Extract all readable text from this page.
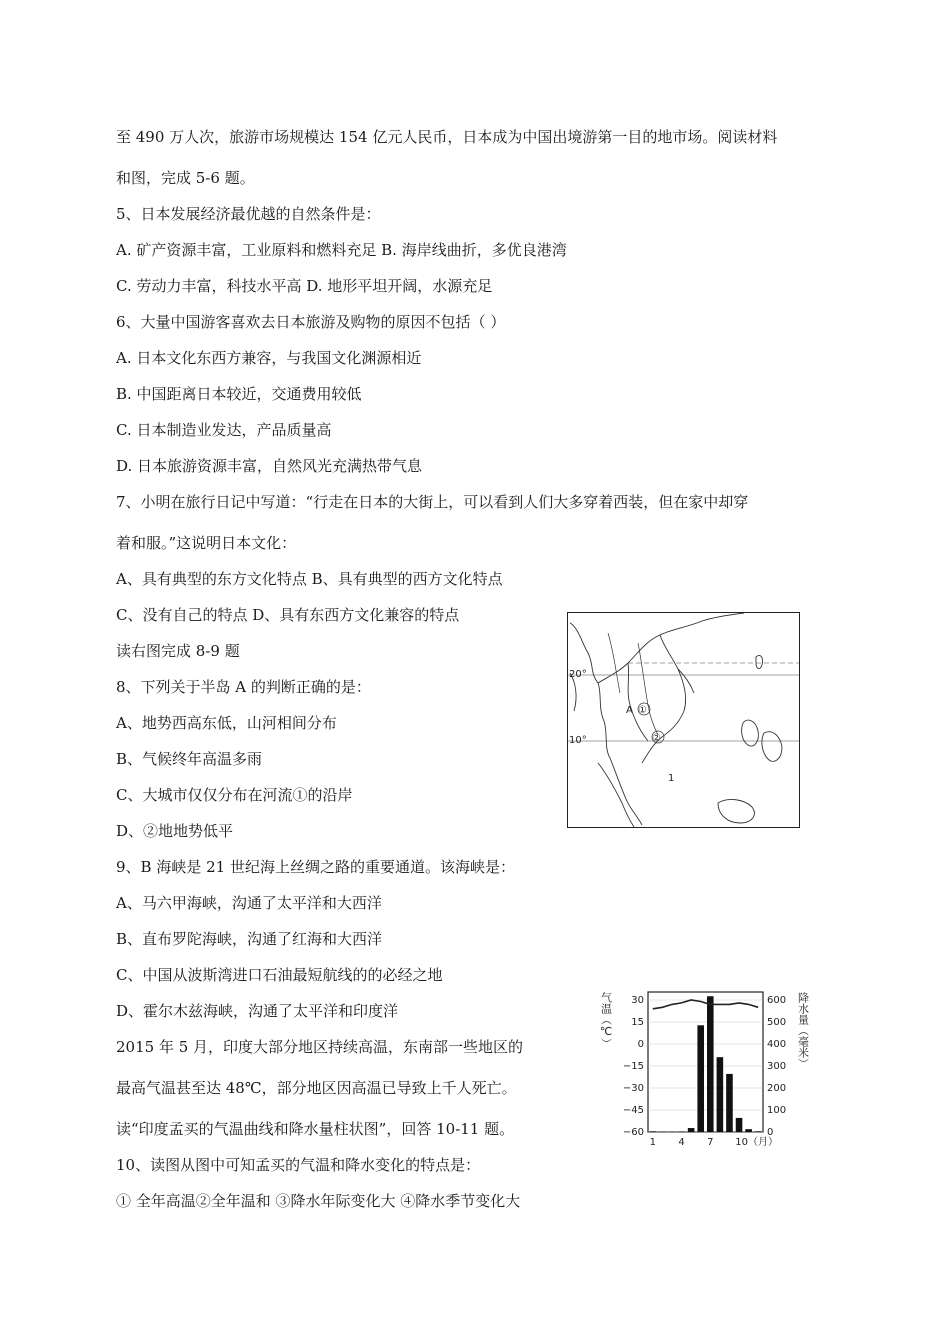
至 490 万人次，旅游市场规模达 154 亿元人民币，日本成为中国出境游第一目的地市场。阅读材料
和图，完成 5-6 题。
5、日本发展经济最优越的自然条件是：
A. 矿产资源丰富，工业原料和燃料充足 B. 海岸线曲折，多优良港湾
C. 劳动力丰富，科技水平高 D. 地形平坦开阔，水源充足
6、大量中国游客喜欢去日本旅游及购物的原因不包括（ ）
A. 日本文化东西方兼容，与我国文化渊源相近
B. 中国距离日本较近，交通费用较低
C. 日本制造业发达，产品质量高
D. 日本旅游资源丰富，自然风光充满热带气息
7、小明在旅行日记中写道：“行走在日本的大街上，可以看到人们大多穿着西装，但在家中却穿
着和服。”这说明日本文化：
A、具有典型的东方文化特点 B、具有典型的西方文化特点
C、没有自己的特点 D、具有东西方文化兼容的特点
读右图完成 8-9 题
8、下列关于半岛 A 的判断正确的是：
A、地势西高东低，山河相间分布
B、气候终年高温多雨
C、大城市仅仅分布在河流①的沿岸
D、②地地势低平
9、B 海峡是 21 世纪海上丝绸之路的重要通道。该海峡是：
A、马六甲海峡，沟通了太平洋和大西洋
B、直布罗陀海峡，沟通了红海和大西洋
C、中国从波斯湾进口石油最短航线的的必经之地
D、霍尔木兹海峡，沟通了太平洋和印度洋
2015 年 5 月，印度大部分地区持续高温，东南部一些地区的
最高气温甚至达 48℃，部分地区因高温已导致上千人死亡。
读“印度孟买的气温曲线和降水量柱状图”，回答 10-11 题。
10、读图从图中可知孟买的气温和降水变化的特点是：
① 全年高温②全年温和 ③降水年际变化大 ④降水季节变化大
20°
10°
A ①
②
1
30
15
0
−15
−30
−45
−60
600
500
400
300
200
100
0
1 4 7 10（月）
气温（℃）	降水量（毫米）
